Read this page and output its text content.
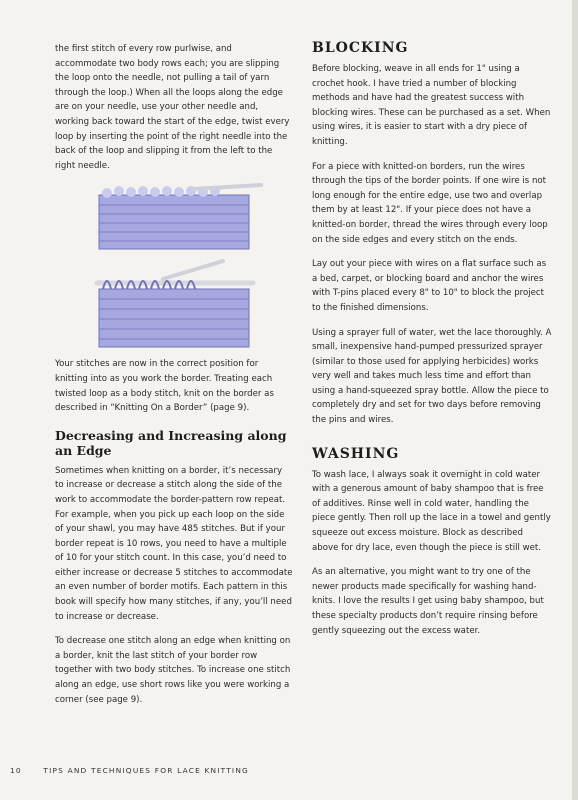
the first stitch of every row purlwise, and accommodate two body rows each; you are slipping the loop onto the needle, not pulling a tail of yarn through the loop.) When all the loops along the edge are on your needle, use your other needle and, working back toward the start of the edge, twist every loop by inserting the point of the right needle into the back of the loop and slipping it from the left to the right needle.

Your stitches are now in the correct position for knitting into as you work the border. Treating each twisted loop as a body stitch, knit on the border as described in “Knitting On a Border” (page 9).

Decreasing and Increasing along an Edge

Sometimes when knitting on a border, it’s necessary to increase or decrease a stitch along the side of the work to accommodate the border-pattern row repeat. For example, when you pick up each loop on the side of your shawl, you may have 485 stitches. But if your border repeat is 10 rows, you need to have a multiple of 10 for your stitch count. In this case, you’d need to either increase or decrease 5 stitches to accommodate an even number of border motifs. Each pattern in this book will specify how many stitches, if any, you’ll need to increase or decrease.

To decrease one stitch along an edge when knitting on a border, knit the last stitch of your border row together with two body stitches. To increase one stitch along an edge, use short rows like you were working a corner (see page 9).

BLOCKING

Before blocking, weave in all ends for 1" using a crochet hook. I have tried a number of blocking methods and have had the greatest success with blocking wires. These can be purchased as a set. When using wires, it is easier to start with a dry piece of knitting.

For a piece with knitted-on borders, run the wires through the tips of the border points. If one wire is not long enough for the entire edge, use two and overlap them by at least 12". If your piece does not have a knitted-on border, thread the wires through every loop on the side edges and every stitch on the ends.

Lay out your piece with wires on a flat surface such as a bed, carpet, or blocking board and anchor the wires with T-pins placed every 8" to 10" to block the project to the finished dimensions.

Using a sprayer full of water, wet the lace thoroughly. A small, inexpensive hand-pumped pressurized sprayer (similar to those used for applying herbicides) works very well and takes much less time and effort than using a hand-squeezed spray bottle. Allow the piece to completely dry and set for two days before removing the pins and wires.

WASHING

To wash lace, I always soak it overnight in cold water with a generous amount of baby shampoo that is free of additives. Rinse well in cold water, handling the piece gently. Then roll up the lace in a towel and gently squeeze out excess moisture. Block as described above for dry lace, even though the piece is still wet.

As an alternative, you might want to try one of the newer products made specifically for washing hand-knits. I love the results I get using baby shampoo, but these specialty products don’t require rinsing before gently squeezing out the excess water.

10	TIPS AND TECHNIQUES FOR LACE KNITTING
